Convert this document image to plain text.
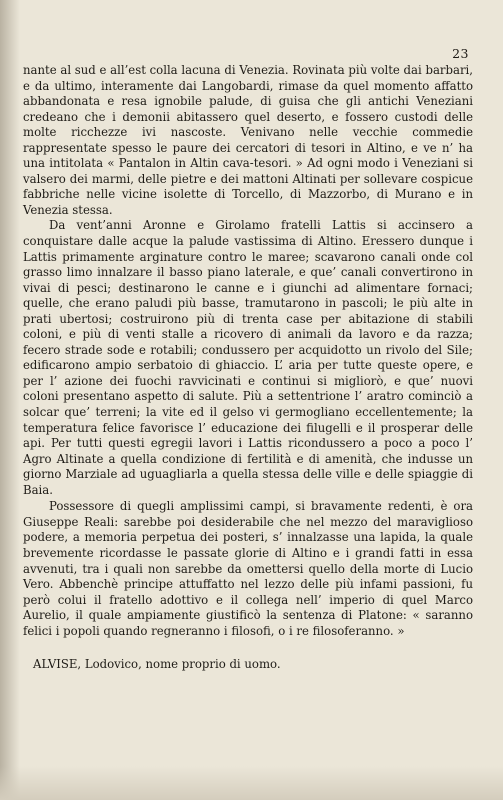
23

nante al sud e all’est colla lacuna di Venezia. Rovinata più volte dai barbari, e da ultimo, interamente dai Langobardi, rimase da quel momento affatto abbandonata e resa ignobile palude, di guisa che gli antichi Veneziani credeano che i demonii abitassero quel deserto, e fossero custodi delle molte ricchezze ivi nascoste. Venivano nelle vecchie commedie rappresentate spesso le paure dei cercatori di tesori in Altino, e ve n’ ha una intitolata « Pantalon in Altin cava-tesori. » Ad ogni modo i Veneziani si valsero dei marmi, delle pietre e dei mattoni Altinati per sollevare cospicue fabbriche nelle vicine isolette di Torcello, di Mazzorbo, di Murano e in Venezia stessa.

Da vent’anni Aronne e Girolamo fratelli Lattis si accinsero a conquistare dalle acque la palude vastissima di Altino. Eressero dunque i Lattis primamente arginature contro le maree; scavarono canali onde col grasso limo innalzare il basso piano laterale, e que’ canali convertirono in vivai di pesci; destinarono le canne e i giunchi ad alimentare fornaci; quelle, che erano paludi più basse, tramutarono in pascoli; le più alte in prati ubertosi; costruirono più di trenta case per abitazione di stabili coloni, e più di venti stalle a ricovero di animali da lavoro e da razza; fecero strade sode e rotabili; condussero per acquidotto un rivolo del Sile; edificarono ampio serbatoio di ghiaccio. L’ aria per tutte queste opere, e per l’ azione dei fuochi ravvicinati e continui si migliorò, e que’ nuovi coloni presentano aspetto di salute. Più a settentrione l’ aratro cominciò a solcar que’ terreni; la vite ed il gelso vi germogliano eccellentemente; la temperatura felice favorisce l’ educazione dei filugelli e il prosperar delle api. Per tutti questi egregii lavori i Lattis ricondussero a poco a poco l’ Agro Altinate a quella condizione di fertilità e di amenità, che indusse un giorno Marziale ad uguagliarla a quella stessa delle ville e delle spiaggie di Baia.

Possessore di quegli amplissimi campi, si bravamente redenti, è ora Giuseppe Reali: sarebbe poi desiderabile che nel mezzo del maraviglioso podere, a memoria perpetua dei posteri, s’ innalzasse una lapida, la quale brevemente ricordasse le passate glorie di Altino e i grandi fatti in essa avvenuti, tra i quali non sarebbe da omettersi quello della morte di Lucio Vero. Abbenchè principe attuffatto nel lezzo delle più infami passioni, fu però colui il fratello adottivo e il collega nell’ imperio di quel Marco Aurelio, il quale ampiamente giustificò la sentenza di Platone: « saranno felici i popoli quando regneranno i filosofi, o i re filosoferanno. »

ALVISE, Lodovico, nome proprio di uomo.
